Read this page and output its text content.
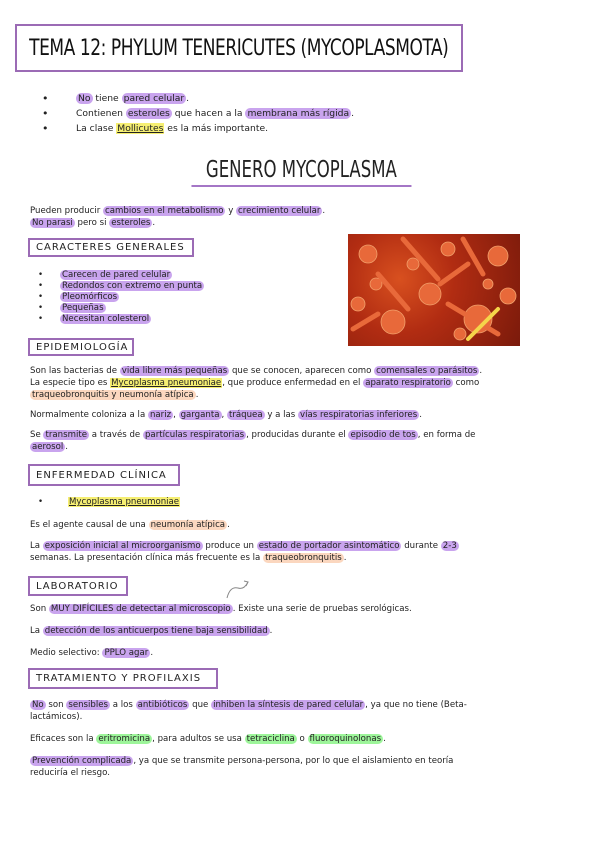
TEMA 12: PHYLUM TENERICUTES (MYCOPLASMOTA)
• No tiene pared celular .
• Contienen esteroles que hacen a la membrana más rígida .
• La clase Mollicutes es la más importante.
GENERO MYCOPLASMA
Pueden producir cambios en el metabolismo y crecimiento celular .
No parasi pero si esteroles .
CARACTERES GENERALES
• Carecen de pared celular
• Redondos con extremo en punta
• Pleomórficos
• Pequeñas
• Necesitan colesterol
EPIDEMIOLOGÍA
Son las bacterias de vida libre más pequeñas que se conocen, aparecen como comensales o parásitos .
La especie tipo es Mycoplasma pneumoniae, que produce enfermedad en el aparato respiratorio como
traqueobronquitis y neumonía atípica .
Normalmente coloniza a la nariz , garganta , tráquea y a las vías respiratorias inferiores .
Se transmite a través de partículas respiratorias , producidas durante el episodio de tos , en forma de
aerosol .
ENFERMEDAD CLÍNICA
• Mycoplasma pneumoniae
Es el agente causal de una neumonía atípica .
La exposición inicial al microorganismo produce un estado de portador asintomático durante 2-3
semanas. La presentación clínica más frecuente es la traqueobronquitis .
LABORATORIO
Son MUY DIFÍCILES de detectar al microscopio . Existe una serie de pruebas serológicas.
La detección de los anticuerpos tiene baja sensibilidad .
Medio selectivo: PPLO agar .
TRATAMIENTO Y PROFILAXIS
No son sensibles a los antibióticos que inhiben la síntesis de pared celular , ya que no tiene (Beta-
lactámicos).
Eficaces son la eritromicina , para adultos se usa tetraciclina o fluoroquinolonas .
Prevención complicada , ya que se transmite persona-persona, por lo que el aislamiento en teoría
reduciría el riesgo.
